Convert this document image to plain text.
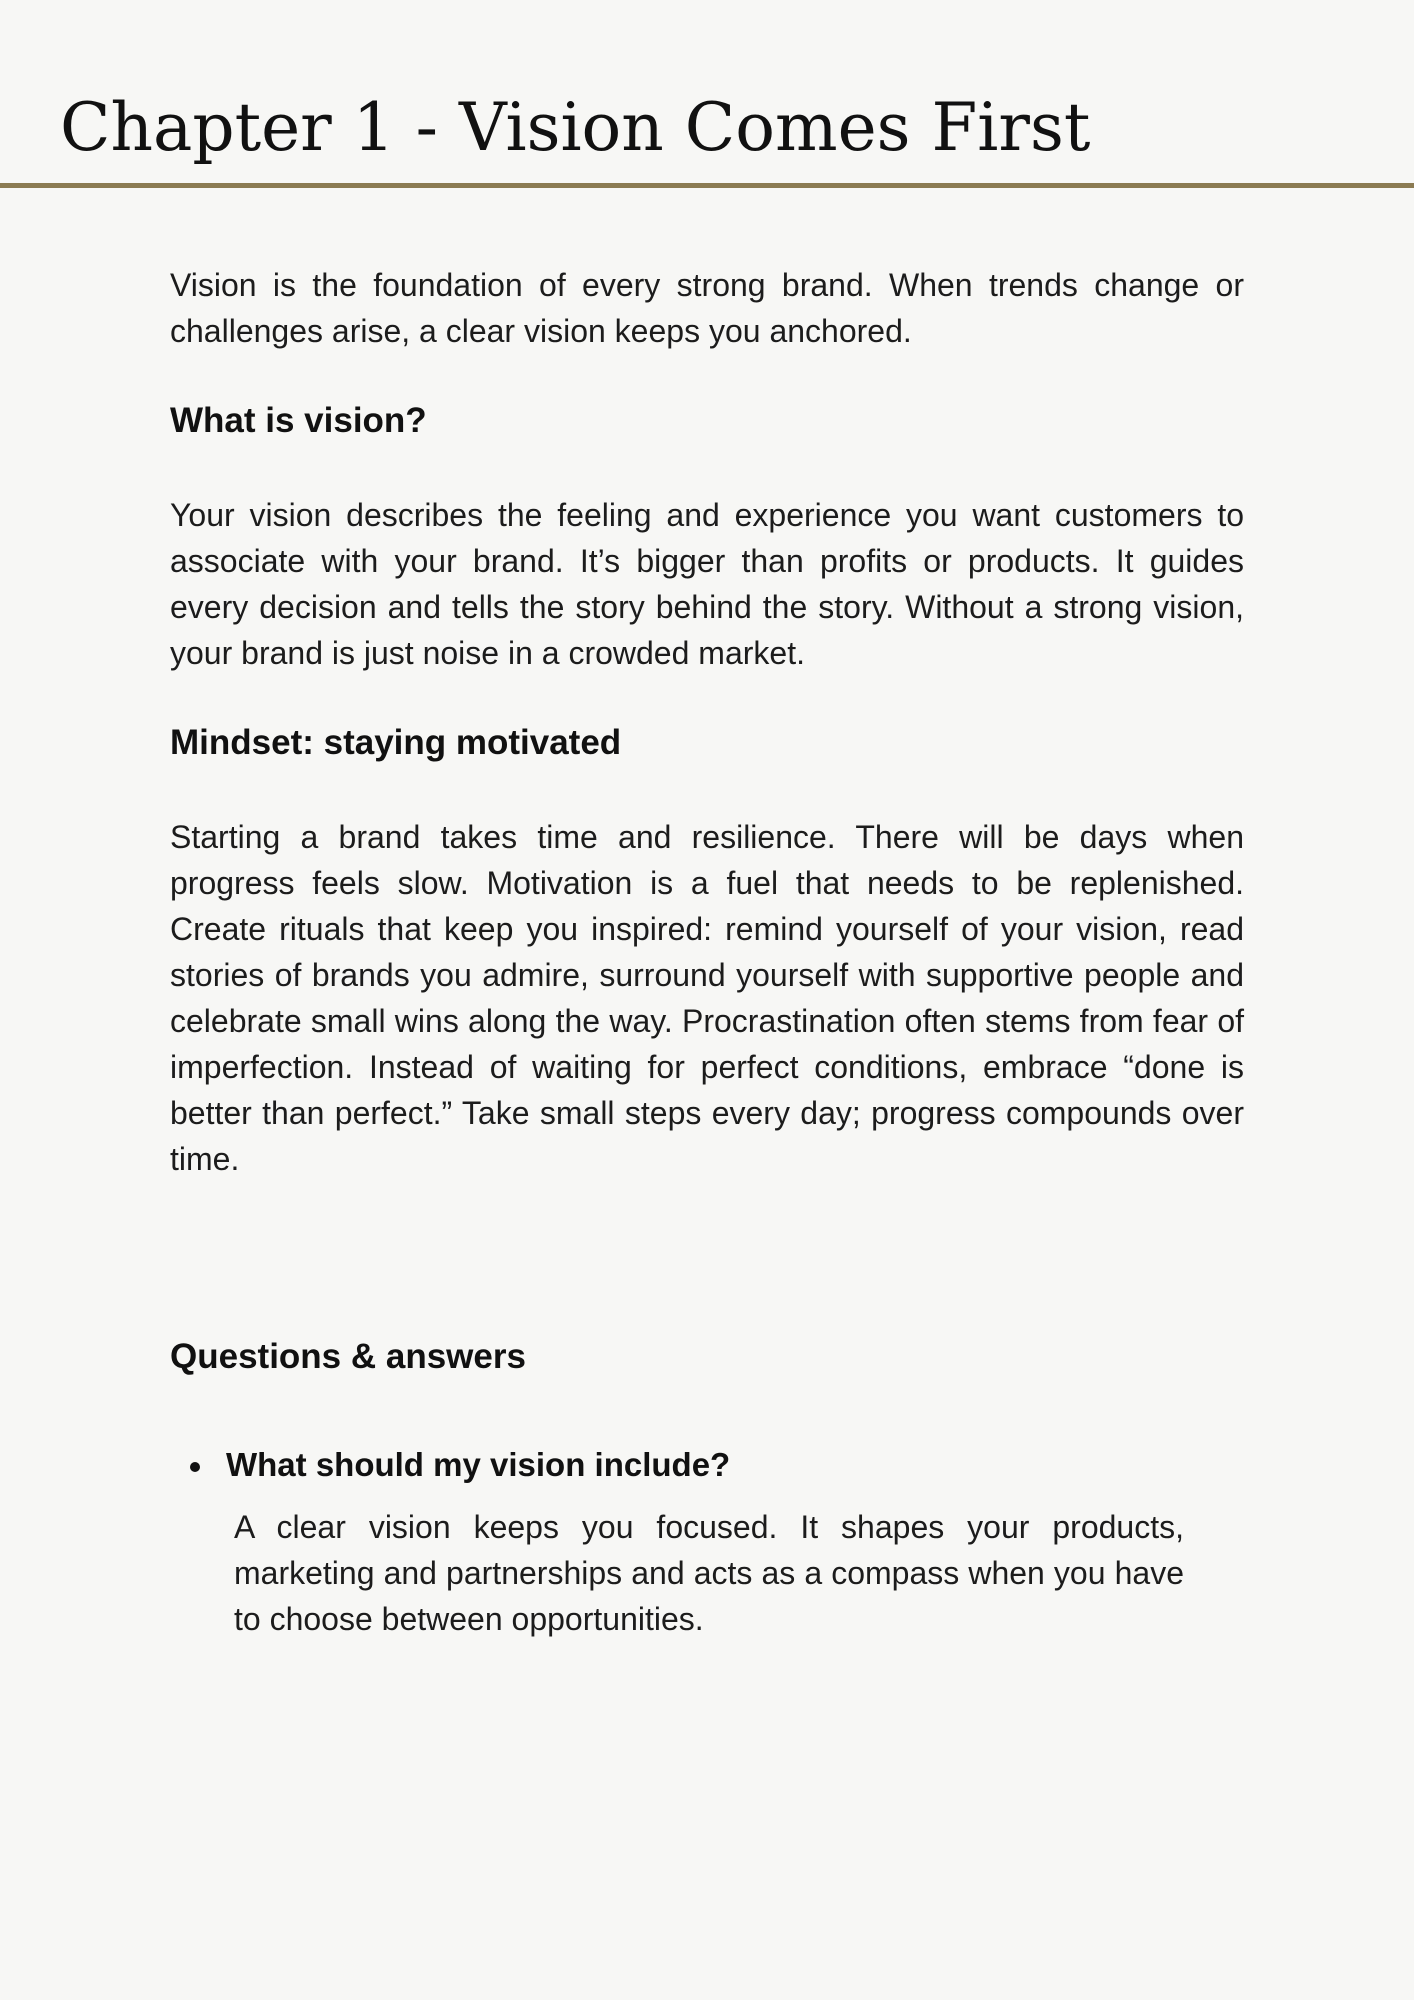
Chapter 1 - Vision Comes First

Vision is the foundation of every strong brand. When trends change or challenges arise, a clear vision keeps you anchored.

What is vision?

Your vision describes the feeling and experience you want customers to associate with your brand. It’s bigger than profits or products. It guides every decision and tells the story behind the story. Without a strong vision, your brand is just noise in a crowded market.

Mindset: staying motivated

Starting a brand takes time and resilience. There will be days when progress feels slow. Motivation is a fuel that needs to be replenished. Create rituals that keep you inspired: remind yourself of your vision, read stories of brands you admire, surround yourself with supportive people and celebrate small wins along the way. Procrastination often stems from fear of imperfection. Instead of waiting for perfect conditions, embrace “done is better than perfect.” Take small steps every day; progress compounds over time.

Questions & answers

What should my vision include?

A clear vision keeps you focused. It shapes your products, marketing and partnerships and acts as a compass when you have to choose between opportunities.
